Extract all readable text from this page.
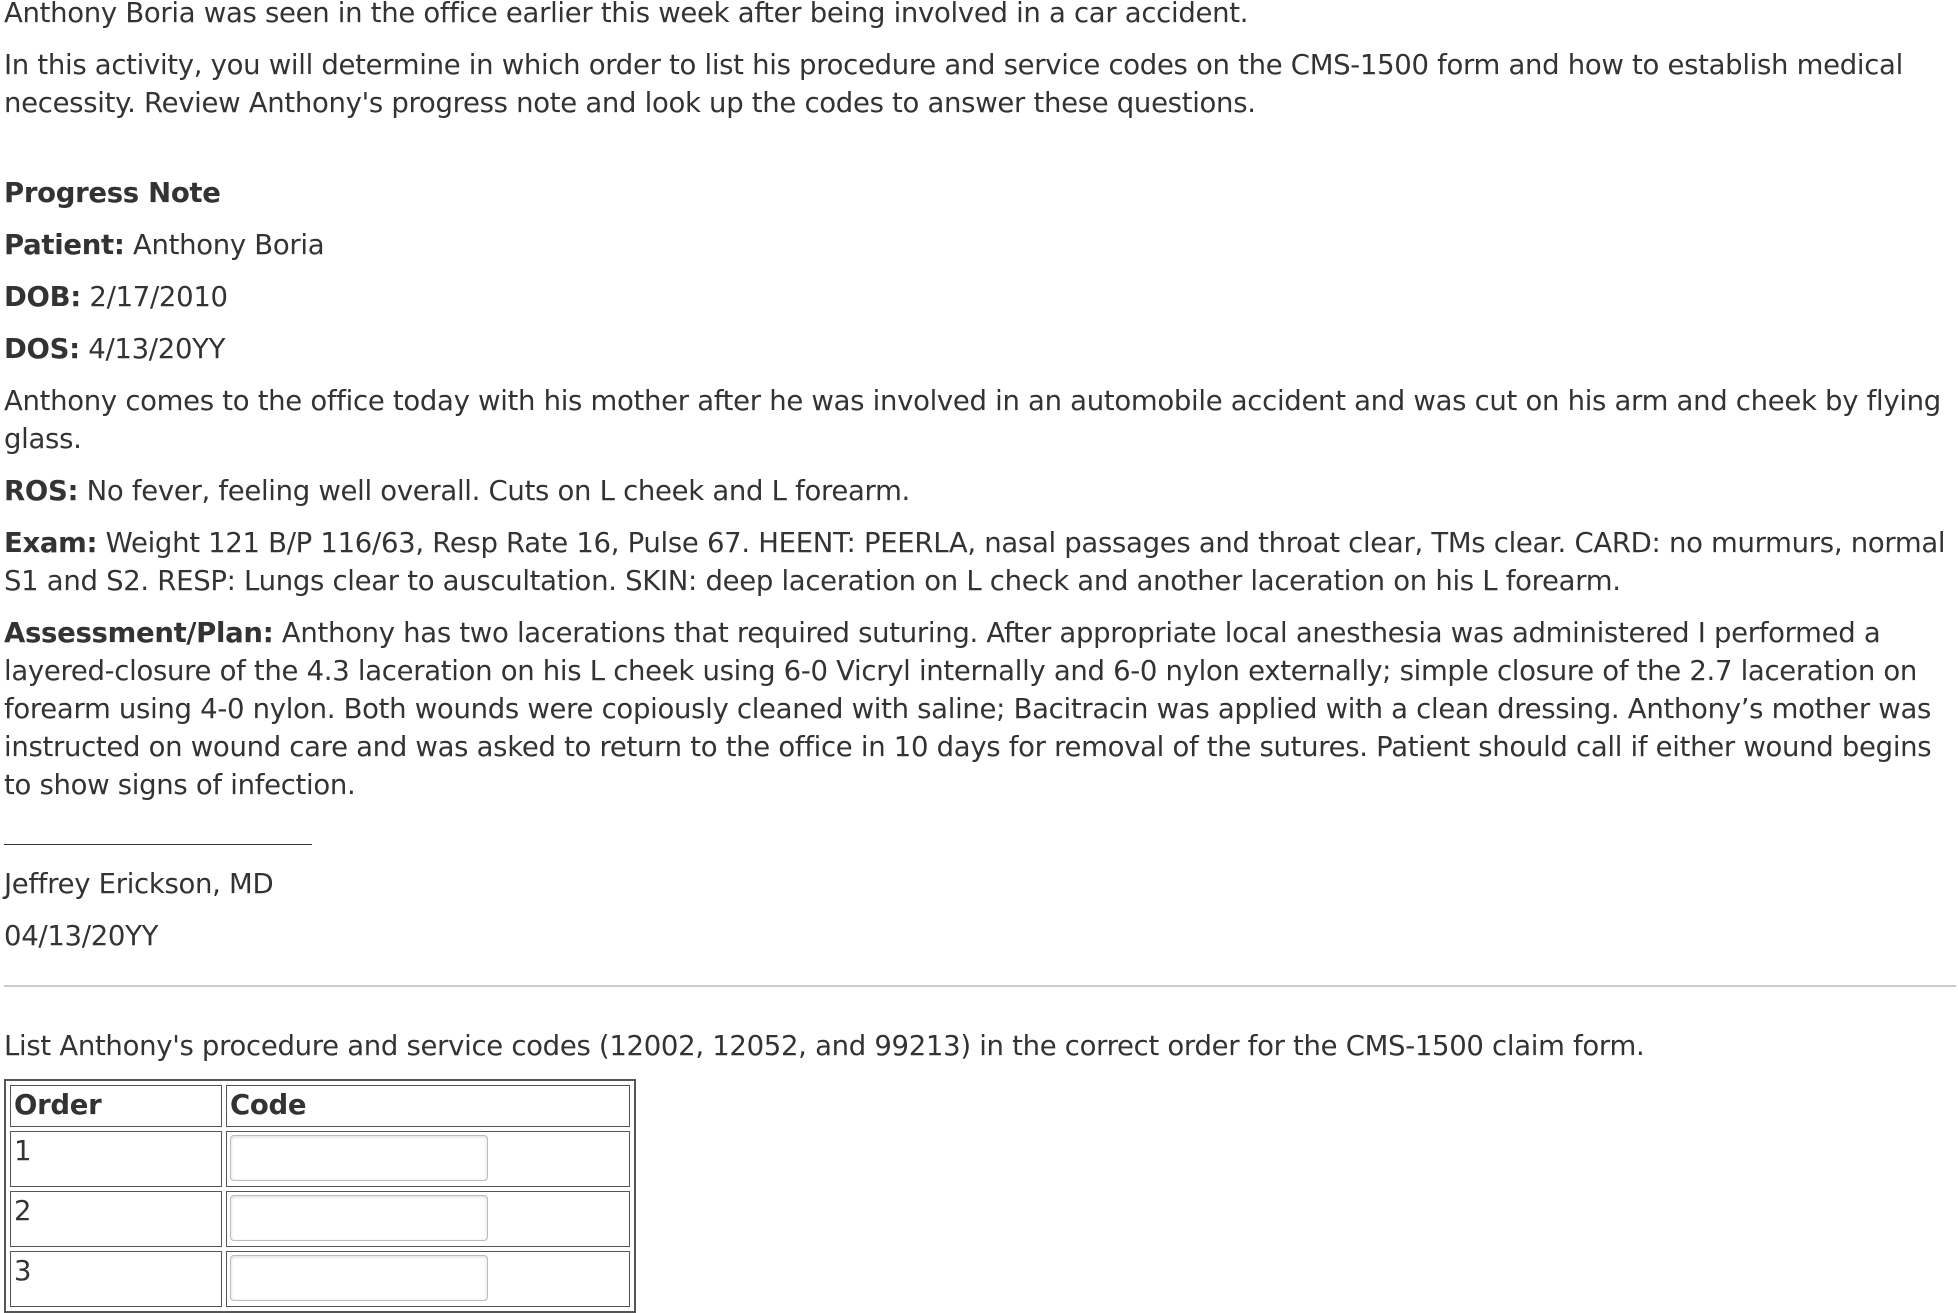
Anthony Boria was seen in the office earlier this week after being involved in a car accident.

In this activity, you will determine in which order to list his procedure and service codes on the CMS-1500 form and how to establish medical necessity. Review Anthony's progress note and look up the codes to answer these questions.

Progress Note

Patient: Anthony Boria

DOB: 2/17/2010

DOS: 4/13/20YY

Anthony comes to the office today with his mother after he was involved in an automobile accident and was cut on his arm and cheek by flying glass.

ROS: No fever, feeling well overall. Cuts on L cheek and L forearm.

Exam: Weight 121 B/P 116/63, Resp Rate 16, Pulse 67. HEENT: PEERLA, nasal passages and throat clear, TMs clear. CARD: no murmurs, normal S1 and S2. RESP: Lungs clear to auscultation. SKIN: deep laceration on L check and another laceration on his L forearm.

Assessment/Plan: Anthony has two lacerations that required suturing. After appropriate local anesthesia was administered I performed a layered-closure of the 4.3 laceration on his L cheek using 6-0 Vicryl internally and 6-0 nylon externally; simple closure of the 2.7 laceration on forearm using 4-0 nylon. Both wounds were copiously cleaned with saline; Bacitracin was applied with a clean dressing. Anthony’s mother was instructed on wound care and was asked to return to the office in 10 days for removal of the sutures. Patient should call if either wound begins to show signs of infection.

Jeffrey Erickson, MD

04/13/20YY

List Anthony's procedure and service codes (12002, 12052, and 99213) in the correct order for the CMS-1500 claim form.

Order	Code
1	
2	
3	
